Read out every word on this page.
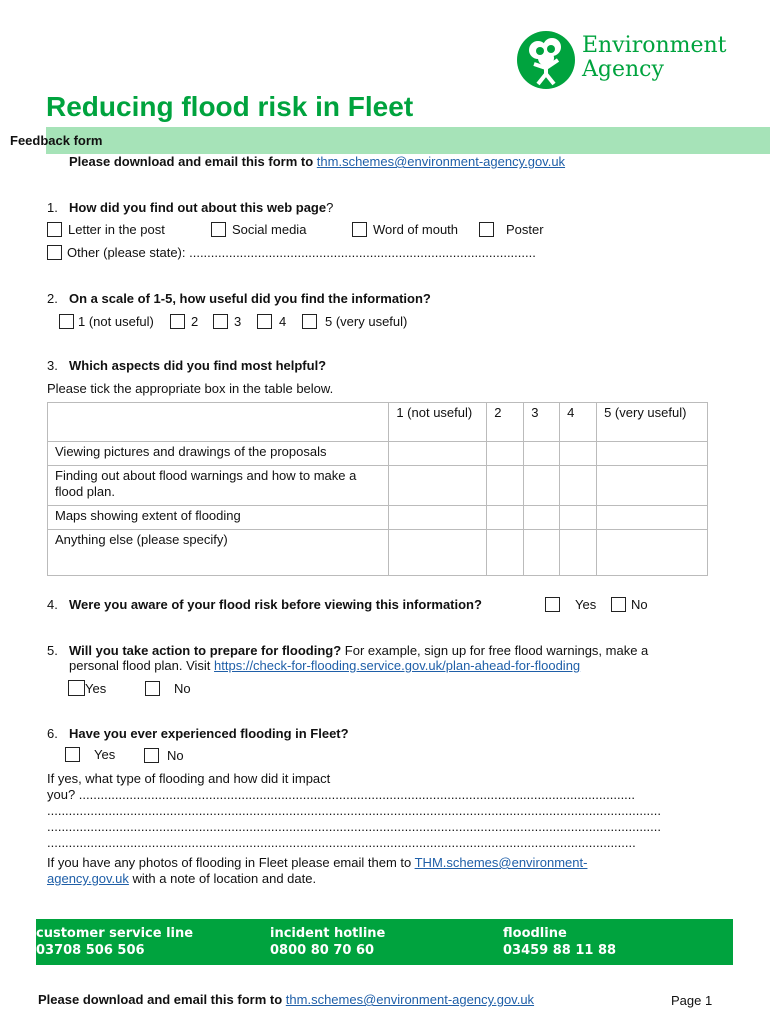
Environment
Agency
Reducing flood risk in Fleet
Feedback form
Please download and email this form to thm.schemes@environment-agency.gov.uk
1. How did you find out about this web page?
Letter in the post	Social media	Word of mouth	Poster
Other (please state): ................................................................................................
2. On a scale of 1-5, how useful did you find the information?
1 (not useful)	2	3	4	5 (very useful)
3. Which aspects did you find most helpful?
Please tick the appropriate box in the table below.
	1 (not useful)	2	3	4	5 (very useful)
Viewing pictures and drawings of the proposals					
Finding out about flood warnings and how to make a flood plan.					
Maps showing extent of flooding					
Anything else (please specify)					
4. Were you aware of your flood risk before viewing this information?	Yes	No
5. Will you take action to prepare for flooding? For example, sign up for free flood warnings, make a
personal flood plan. Visit https://check-for-flooding.service.gov.uk/plan-ahead-for-flooding
Yes	No
6. Have you ever experienced flooding in Fleet?
Yes	No
If yes, what type of flooding and how did it impact
you? ..........................................................................................................................................................
..........................................................................................................................................................................
..........................................................................................................................................................................
...................................................................................................................................................................
If you have any photos of flooding in Fleet please email them to THM.schemes@environment-
agency.gov.uk with a note of location and date.
customer service line
03708 506 506
incident hotline
0800 80 70 60
floodline
03459 88 11 88
Please download and email this form to thm.schemes@environment-agency.gov.uk	Page 1
